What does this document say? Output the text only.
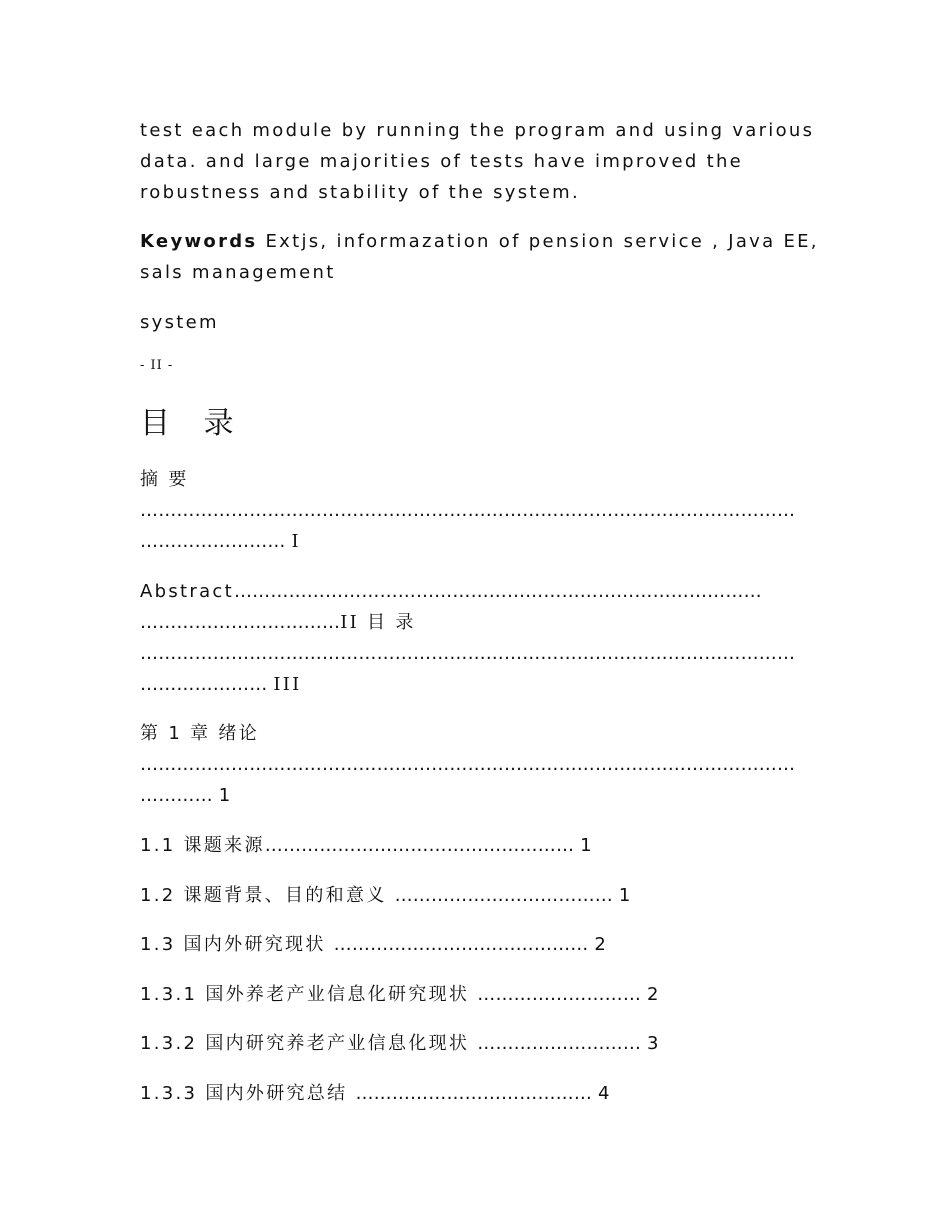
test each module by running the program and using various
data. and large majorities of tests have improved the
robustness and stability of the system.
Keywords Extjs, informazation of pension service , Java EE,
sals management
system
- II -
目 录
摘 要
………………………………………………………………………………………………
…………………… I
Abstract……………………………………………………………………………
……………………………II 目 录
………………………………………………………………………………………………
………………… III
第 1 章 绪论
………………………………………………………………………………………………
………… 1
1.1 课题来源…………………………………………… 1
1.2 课题背景、目的和意义 ……………………………… 1
1.3 国内外研究现状 …………………………………… 2
1.3.1 国外养老产业信息化研究现状 ……………………… 2
1.3.2 国内研究养老产业信息化现状 ……………………… 3
1.3.3 国内外研究总结 ………………………………… 4
